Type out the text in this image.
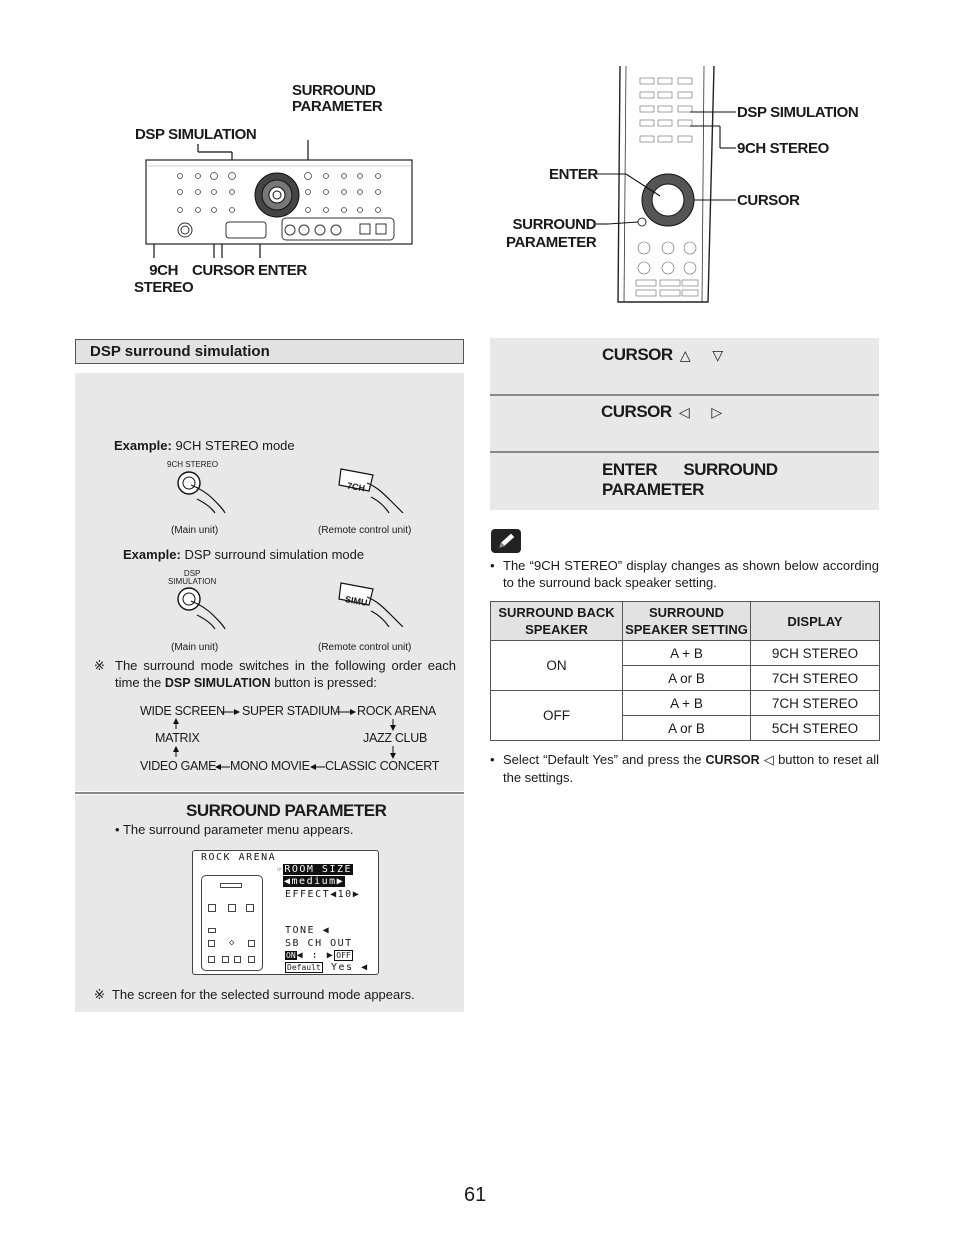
SURROUND
PARAMETER
DSP SIMULATION
9CH
STEREO
CURSOR ENTER
DSP SIMULATION
9CH STEREO
ENTER
CURSOR
SURROUND
PARAMETER
DSP surround simulation
Example: 9CH STEREO mode
9CH STEREO
7CH
(Main unit)	(Remote control unit)
Example: DSP surround simulation mode
DSP
SIMULATION
SIMU
(Main unit)	(Remote control unit)
※ The surround mode switches in the following order each time the DSP SIMULATION button is pressed:
WIDE SCREEN SUPER STADIUM ROCK ARENA
MATRIX	JAZZ CLUB
VIDEO GAME MONO MOVIE CLASSIC CONCERT
SURROUND PARAMETER
• The surround parameter menu appears.
ROCK ARENA
◇
☞ROOM SIZE
◀medium▶
EFFECT◀10▶
TONE ◀
SB CH OUT
ON◀ : ▶ OFF
Default Yes ◀
※ The screen for the selected surround mode appears.
CURSOR △ ▽
CURSOR ◁ ▷
ENTER SURROUND PARAMETER
• The “9CH STEREO” display changes as shown below according to the surround back speaker setting.
SURROUND BACK SPEAKER	SURROUND SPEAKER SETTING	DISPLAY
ON	A + B	9CH STEREO
	A or B	7CH STEREO
OFF	A + B	7CH STEREO
	A or B	5CH STEREO
• Select “Default Yes” and press the CURSOR ◁ button to reset all the settings.
61
